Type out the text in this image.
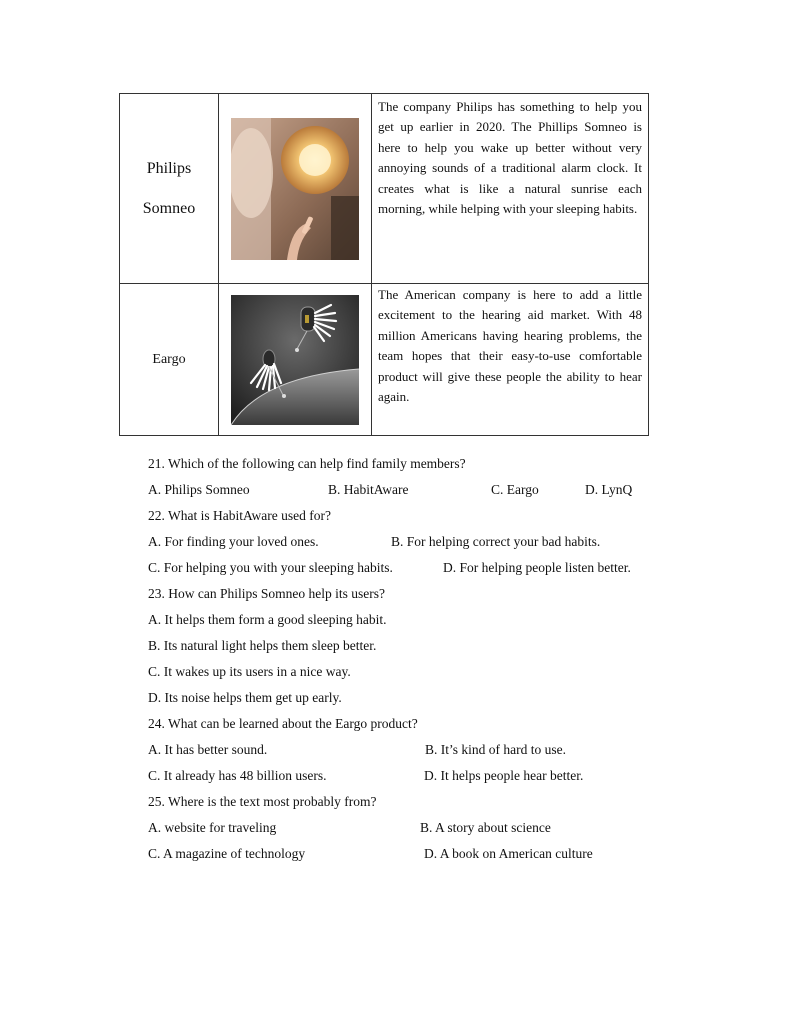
Philips
Somneo		The company Philips has something to help you get up earlier in 2020. The Phillips Somneo is here to help you wake up better without very annoying sounds of a traditional alarm clock. It creates what is like a natural sunrise each morning, while helping with your sleeping habits.

Eargo		The American company is here to add a little excitement to the hearing aid market. With 48 million Americans having hearing problems, the team hopes that their easy-to-use comfortable product will give these people the ability to hear again.

21. Which of the following can help find family members?
A. Philips Somneo	B. HabitAware	C. Eargo	D. LynQ
22. What is HabitAware used for?
A. For finding your loved ones.	B. For helping correct your bad habits.
C. For helping you with your sleeping habits.	D. For helping people listen better.
23. How can Philips Somneo help its users?
A. It helps them form a good sleeping habit.
B. Its natural light helps them sleep better.
C. It wakes up its users in a nice way.
D. Its noise helps them get up early.
24. What can be learned about the Eargo product?
A. It has better sound.	B. It’s kind of hard to use.
C. It already has 48 billion users.	D. It helps people hear better.
25. Where is the text most probably from?
A. website for traveling	B. A story about science
C. A magazine of technology	D. A book on American culture
